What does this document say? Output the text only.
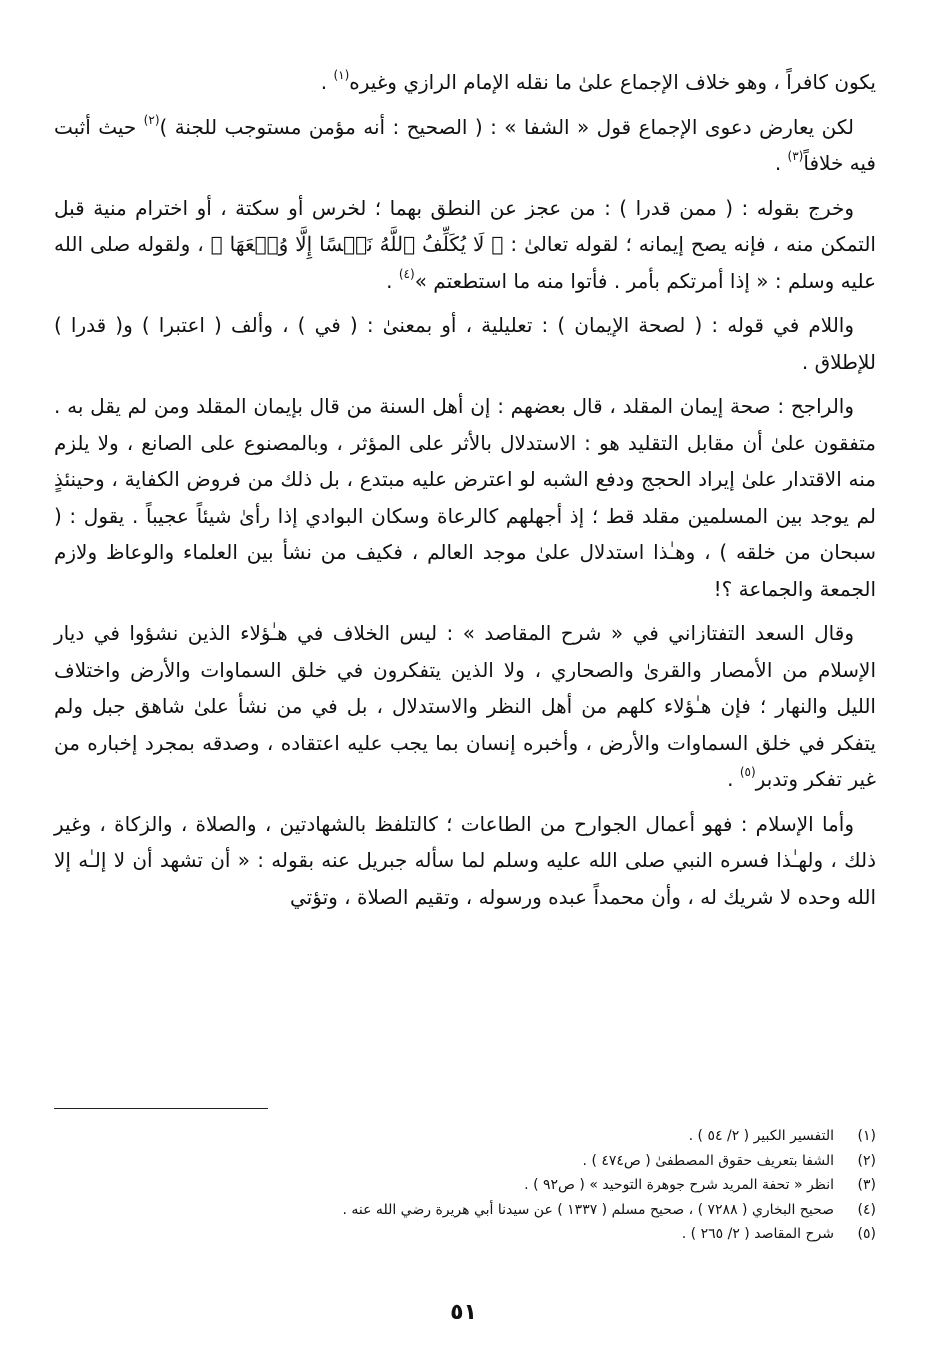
يكون كافراً ، وهو خلاف الإجماع علىٰ ما نقله الإمام الرازي وغيره$^{(١)}$ .

لكن يعارض دعوى الإجماع قول « الشفا » : ( الصحيح : أنه مؤمن مستوجب للجنة )$^{(٢)}$ حيث أثبت فيه خلافاً$^{(٣)}$ .

وخرج بقوله : ( ممن قدرا ) : من عجز عن النطق بهما ؛ لخرس أو سكتة ، أو اخترام منية قبل التمكن منه ، فإنه يصح إيمانه ؛ لقوله تعالىٰ : ﴿ لَا يُكَلِّفُ ٱللَّهُ نَفۡسًا إِلَّا وُسۡعَهَا ﴾ ، ولقوله صلى الله عليه وسلم : « إذا أمرتكم بأمر . فأتوا منه ما استطعتم »$^{(٤)}$ .

واللام في قوله : ( لصحة الإيمان ) : تعليلية ، أو بمعنىٰ : ( في ) ، وألف ( اعتبرا ) و( قدرا ) للإطلاق .

والراجح : صحة إيمان المقلد ، قال بعضهم : إن أهل السنة من قال بإيمان المقلد ومن لم يقل به . متفقون علىٰ أن مقابل التقليد هو : الاستدلال بالأثر على المؤثر ، وبالمصنوع على الصانع ، ولا يلزم منه الاقتدار علىٰ إيراد الحجج ودفع الشبه لو اعترض عليه مبتدع ، بل ذلك من فروض الكفاية ، وحينئذٍ لم يوجد بين المسلمين مقلد قط ؛ إذ أجهلهم كالرعاة وسكان البوادي إذا رأىٰ شيئاً عجيباً . يقول : ( سبحان من خلقه ) ، وهـٰذا استدلال علىٰ موجد العالم ، فكيف من نشأ بين العلماء والوعاظ ولازم الجمعة والجماعة ؟!

وقال السعد التفتازاني في « شرح المقاصد » : ليس الخلاف في هـٰؤلاء الذين نشؤوا في ديار الإسلام من الأمصار والقرىٰ والصحاري ، ولا الذين يتفكرون في خلق السماوات والأرض واختلاف الليل والنهار ؛ فإن هـٰؤلاء كلهم من أهل النظر والاستدلال ، بل في من نشأ علىٰ شاهق جبل ولم يتفكر في خلق السماوات والأرض ، وأخبره إنسان بما يجب عليه اعتقاده ، وصدقه بمجرد إخباره من غير تفكر وتدبر$^{(٥)}$ .

وأما الإسلام : فهو أعمال الجوارح من الطاعات ؛ كالتلفظ بالشهادتين ، والصلاة ، والزكاة ، وغير ذلك ، ولهـٰذا فسره النبي صلى الله عليه وسلم لما سأله جبريل عنه بقوله : « أن تشهد أن لا إلـٰه إلا الله وحده لا شريك له ، وأن محمداً عبده ورسوله ، وتقيم الصلاة ، وتؤتي

(١)
التفسير الكبير ( ٢/ ٥٤ ) .
(٢)
الشفا بتعريف حقوق المصطفىٰ ( ص٤٧٤ ) .
(٣)
انظر « تحفة المريد شرح جوهرة التوحيد » ( ص٩٢ ) .
(٤)
صحيح البخاري ( ٧٢٨٨ ) ، صحيح مسلم ( ١٣٣٧ ) عن سيدنا أبي هريرة رضي الله عنه .
(٥)
شرح المقاصد ( ٢/ ٢٦٥ ) .
٥١
